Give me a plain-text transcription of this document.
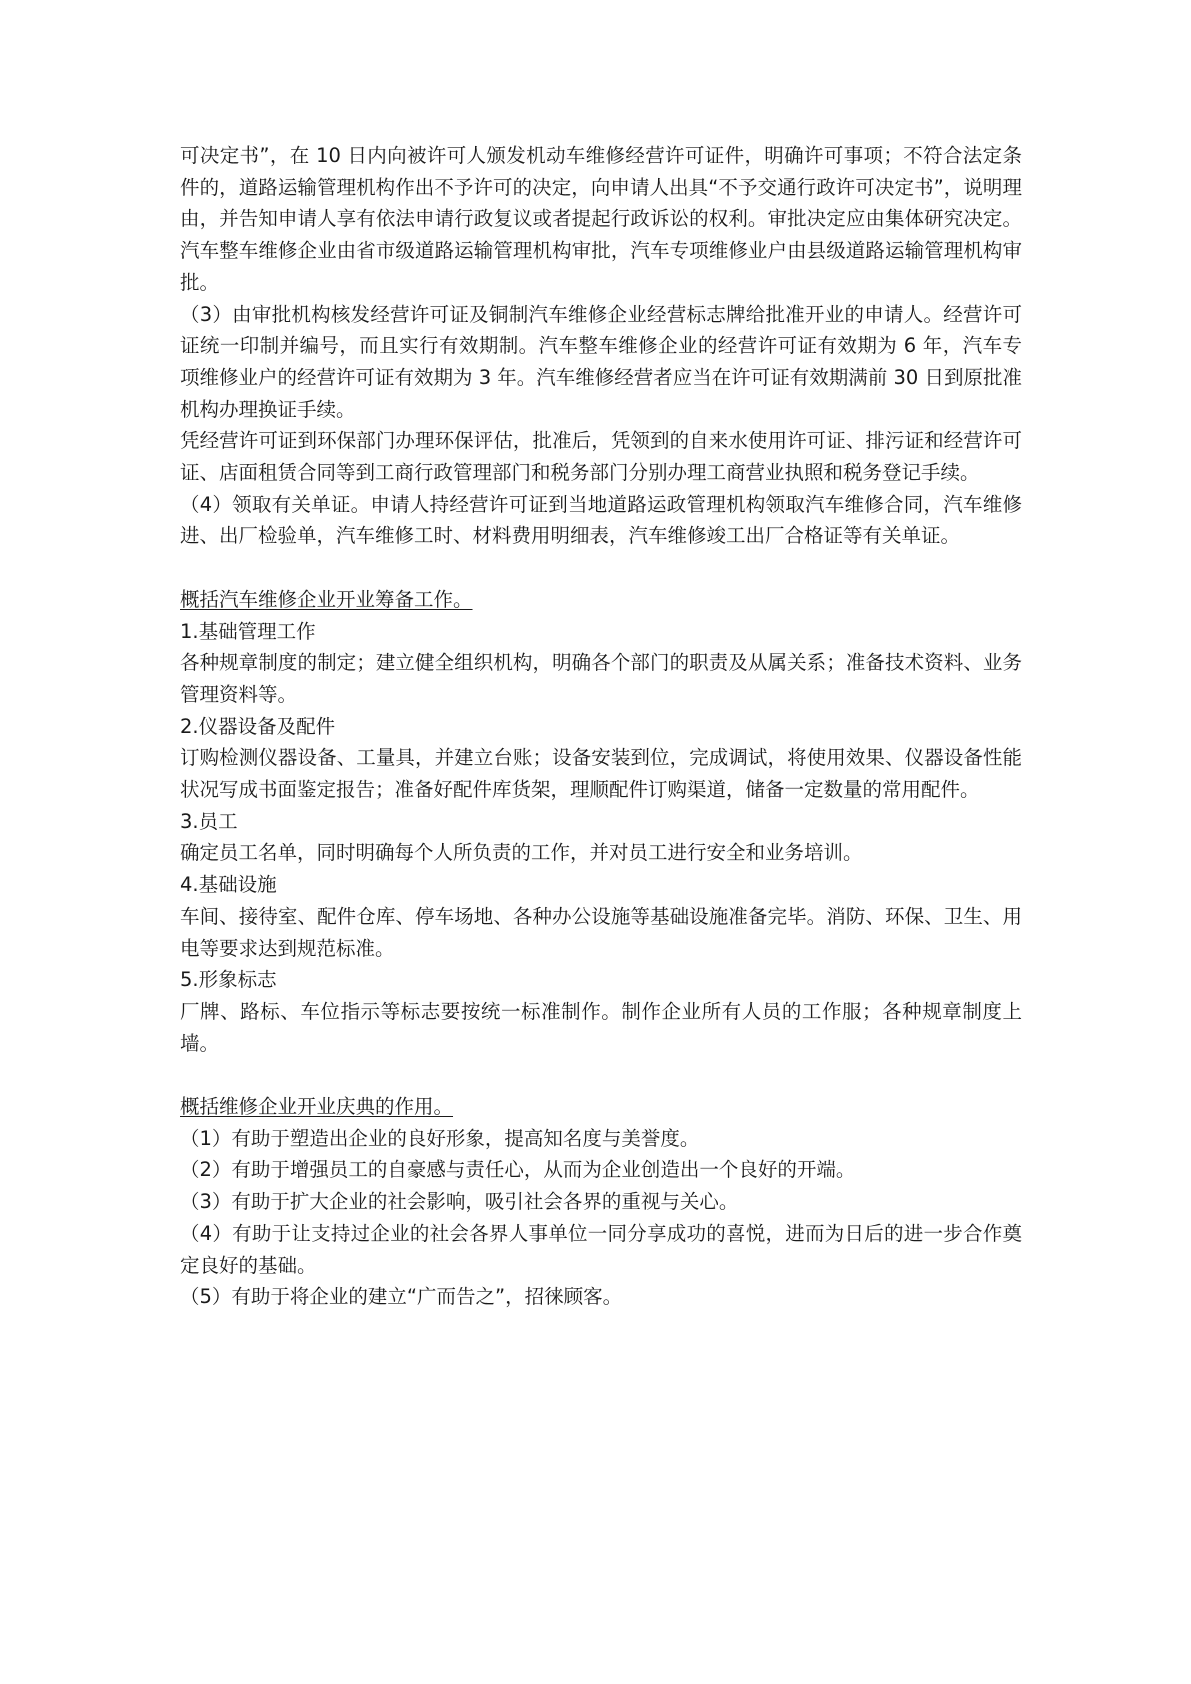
可决定书”，在 10 日内向被许可人颁发机动车维修经营许可证件，明确许可事项；不符合法定条件的，道路运输管理机构作出不予许可的决定，向申请人出具“不予交通行政许可决定书”，说明理由，并告知申请人享有依法申请行政复议或者提起行政诉讼的权利。审批决定应由集体研究决定。汽车整车维修企业由省市级道路运输管理机构审批，汽车专项维修业户由县级道路运输管理机构审批。

（3）由审批机构核发经营许可证及铜制汽车维修企业经营标志牌给批准开业的申请人。经营许可证统一印制并编号，而且实行有效期制。汽车整车维修企业的经营许可证有效期为 6 年，汽车专项维修业户的经营许可证有效期为 3 年。汽车维修经营者应当在许可证有效期满前 30 日到原批准机构办理换证手续。

凭经营许可证到环保部门办理环保评估，批准后，凭领到的自来水使用许可证、排污证和经营许可证、店面租赁合同等到工商行政管理部门和税务部门分别办理工商营业执照和税务登记手续。

（4）领取有关单证。申请人持经营许可证到当地道路运政管理机构领取汽车维修合同，汽车维修进、出厂检验单，汽车维修工时、材料费用明细表，汽车维修竣工出厂合格证等有关单证。

概括汽车维修企业开业筹备工作。

1.基础管理工作

各种规章制度的制定；建立健全组织机构，明确各个部门的职责及从属关系；准备技术资料、业务管理资料等。

2.仪器设备及配件

订购检测仪器设备、工量具，并建立台账；设备安装到位，完成调试，将使用效果、仪器设备性能状况写成书面鉴定报告；准备好配件库货架，理顺配件订购渠道，储备一定数量的常用配件。

3.员工

确定员工名单，同时明确每个人所负责的工作，并对员工进行安全和业务培训。

4.基础设施

车间、接待室、配件仓库、停车场地、各种办公设施等基础设施准备完毕。消防、环保、卫生、用电等要求达到规范标准。

5.形象标志

厂牌、路标、车位指示等标志要按统一标准制作。制作企业所有人员的工作服；各种规章制度上墙。

概括维修企业开业庆典的作用。

（1）有助于塑造出企业的良好形象，提高知名度与美誉度。

（2）有助于增强员工的自豪感与责任心，从而为企业创造出一个良好的开端。

（3）有助于扩大企业的社会影响，吸引社会各界的重视与关心。

（4）有助于让支持过企业的社会各界人事单位一同分享成功的喜悦，进而为日后的进一步合作奠定良好的基础。

（5）有助于将企业的建立“广而告之”，招徕顾客。
